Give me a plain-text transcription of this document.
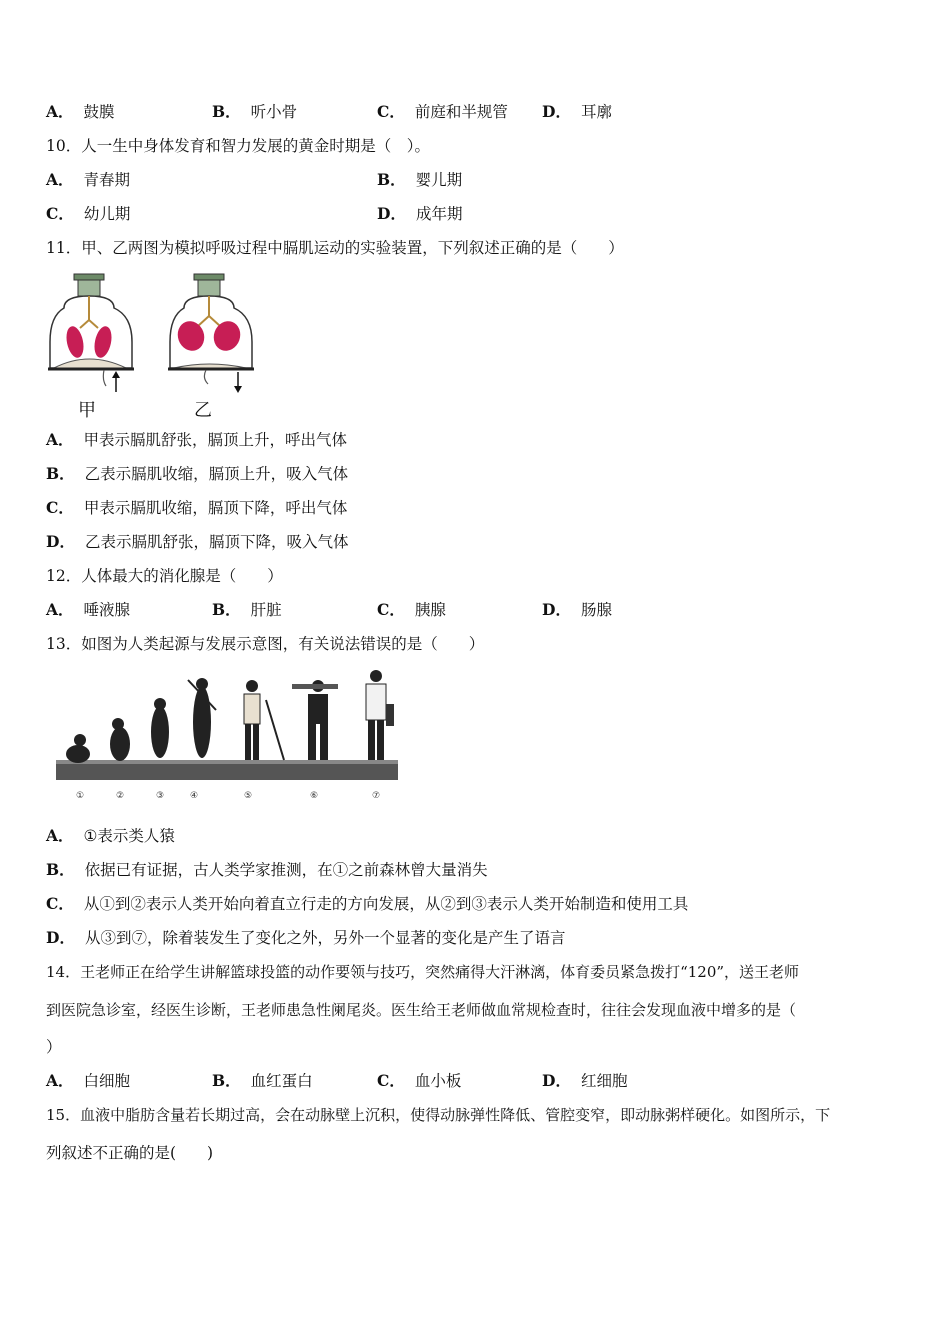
A． 鼓膜	B． 听小骨	C． 前庭和半规管 D． 耳廓
10．人一生中身体发育和智力发展的黄金时期是（　）。
A． 青春期	B． 婴儿期
C． 幼儿期	D． 成年期
11．甲、乙两图为模拟呼吸过程中膈肌运动的实验装置，下列叙述正确的是（　　）
甲	乙
A． 甲表示膈肌舒张，膈顶上升，呼出气体
B． 乙表示膈肌收缩，膈顶上升，吸入气体
C． 甲表示膈肌收缩，膈顶下降，呼出气体
D． 乙表示膈肌舒张，膈顶下降，吸入气体
12．人体最大的消化腺是（　　）
A． 唾液腺	B． 肝脏	C． 胰腺	D． 肠腺
13．如图为人类起源与发展示意图，有关说法错误的是（　　）
①	②	③	④	⑤	⑥	⑦
A． ①表示类人猿
B． 依据已有证据，古人类学家推测，在①之前森林曾大量消失
C． 从①到②表示人类开始向着直立行走的方向发展，从②到③表示人类开始制造和使用工具
D． 从③到⑦，除着装发生了变化之外，另外一个显著的变化是产生了语言
14．王老师正在给学生讲解篮球投篮的动作要领与技巧，突然痛得大汗淋漓，体育委员紧急拨打“120”，送王老师
到医院急诊室，经医生诊断，王老师患急性阑尾炎。医生给王老师做血常规检查时，往往会发现血液中增多的是（
）
A． 白细胞	B． 血红蛋白	C． 血小板	D． 红细胞
15．血液中脂肪含量若长期过高，会在动脉壁上沉积，使得动脉弹性降低、管腔变窄，即动脉粥样硬化。如图所示，下
列叙述不正确的是(　　)
